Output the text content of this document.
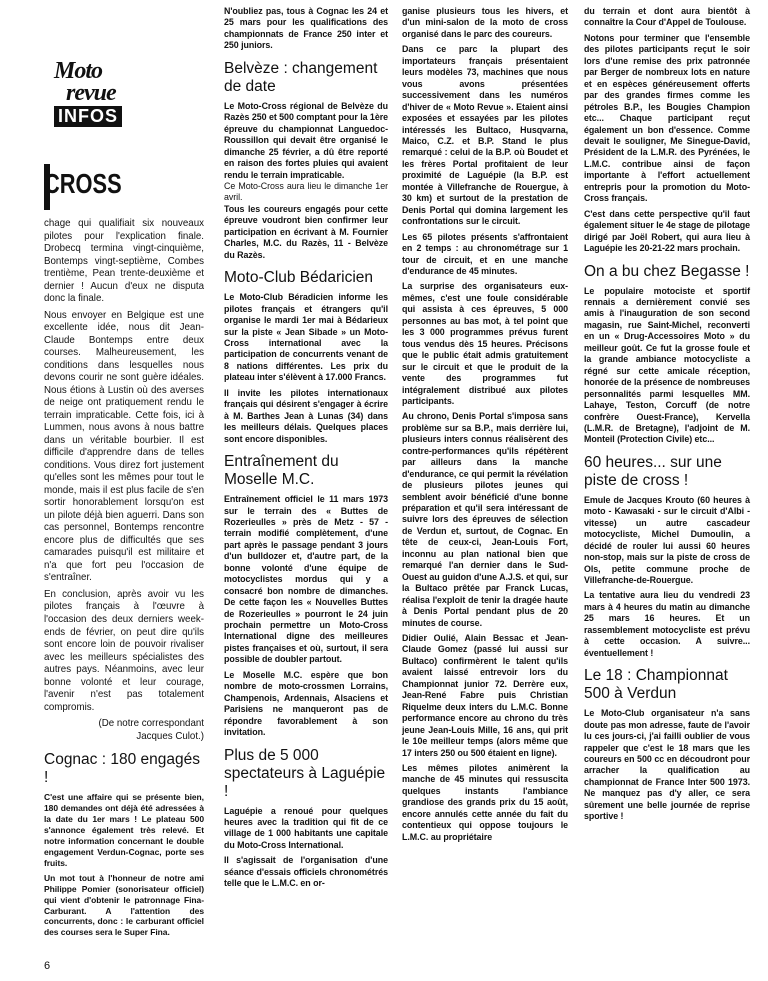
Moto
revue
INFOS

chage qui qualifiait six nouveaux pilotes pour l'explication finale. Drobecq termina vingt-cinquième, Bontemps vingt-septième, Combes trentième, Pean trente-deuxième et dernier ! Aucun d'eux ne disputa donc la finale.

Nous envoyer en Belgique est une excellente idée, nous dit Jean-Claude Bontemps entre deux courses. Malheureusement, les conditions dans lesquelles nous devons courir ne sont guère idéales. Nous étions à Lustin où des averses de neige ont pratiquement rendu le terrain impraticable. Cette fois, ici à Lummen, nous avons à nous battre dans un véritable bourbier. Il est difficile d'apprendre dans de telles conditions. Vous direz fort justement qu'elles sont les mêmes pour tout le monde, mais il est plus facile de s'en sortir honorablement lorsqu'on est un pilote déjà bien aguerri. Dans son cas personnel, Bontemps rencontre encore plus de difficultés que ses camarades puisqu'il est militaire et n'a que fort peu l'occasion de s'entraîner.

En conclusion, après avoir vu les pilotes français à l'œuvre à l'occasion des deux derniers week-ends de février, on peut dire qu'ils sont encore loin de pouvoir rivaliser avec les meilleurs spécialistes des autres pays. Néanmoins, avec leur bonne volonté et leur courage, l'avenir n'est pas totalement compromis.

(De notre correspondant

Jacques Culot.)

Cognac : 180 engagés !

C'est une affaire qui se présente bien, 180 demandes ont déjà été adressées à la date du 1er mars ! Le plateau 500 s'annonce également très relevé. Et notre information concernant le double engagement Verdun-Cognac, porte ses fruits.

Un mot tout à l'honneur de notre ami Philippe Pomier (sonorisateur officiel) qui vient d'obtenir le patronnage Fina-Carburant. A l'attention des concurrents, donc : le carburant officiel des courses sera le Super Fina.

CROSS

N'oubliez pas, tous à Cognac les 24 et 25 mars pour les qualifications des championnats de France 250 inter et 250 juniors.

Belvèze : changement de date

Le Moto-Cross régional de Belvèze du Razès 250 et 500 comptant pour la 1ère épreuve du championnat Languedoc-Roussillon qui devait être organisé le dimanche 25 février, a dû être reporté en raison des fortes pluies qui avaient rendu le terrain impraticable.

Ce Moto-Cross aura lieu le dimanche 1er avril.

Tous les coureurs engagés pour cette épreuve voudront bien confirmer leur participation en écrivant à M. Fournier Charles, M.C. du Razès, 11 - Belvèze du Razès.

Moto-Club Bédaricien

Le Moto-Club Béradicien informe les pilotes français et étrangers qu'il organise le mardi 1er mai à Bédarieux sur la piste « Jean Sibade » un Moto-Cross international avec la participation de concurrents venant de 8 nations différentes. Les prix du plateau inter s'élèvent à 17.000 Francs.

Il invite les pilotes internationaux français qui désirent s'engager à écrire à M. Barthes Jean à Lunas (34) dans les meilleurs délais. Quelques places sont encore disponibles.

Entraînement du Moselle M.C.

Entraînement officiel le 11 mars 1973 sur le terrain des « Buttes de Rozerieulles » près de Metz - 57 - terrain modifié complètement, d'une part après le passage pendant 3 jours d'un bulldozer et, d'autre part, de la bonne volonté d'une équipe de motocyclistes mordus qui y a consacré bon nombre de dimanches. De cette façon les « Nouvelles Buttes de Rozerieulles » pourront le 24 juin prochain permettre un Moto-Cross International digne des meilleures pistes françaises et où, surtout, il sera possible de doubler partout.

Le Moselle M.C. espère que bon nombre de moto-crossmen Lorrains, Champenois, Ardennais, Alsaciens et Parisiens ne manqueront pas de répondre favorablement à son invitation.

Plus de 5 000 spectateurs à Laguépie !

Laguépie a renoué pour quelques heures avec la tradition qui fit de ce village de 1 000 habitants une capitale du Moto-Cross International.

Il s'agissait de l'organisation d'une séance d'essais officiels chronométrés telle que le L.M.C. en or-

ganise plusieurs tous les hivers, et d'un mini-salon de la moto de cross organisé dans le parc des coureurs.

Dans ce parc la plupart des importateurs français présentaient leurs modèles 73, machines que nous vous avons présentées successivement dans les numéros d'hiver de « Moto Revue ». Etaient ainsi exposées et essayées par les pilotes intéressés les Bultaco, Husqvarna, Maico, C.Z. et B.P. Stand le plus remarqué : celui de la B.P. où Boudet et les frères Portal profitaient de leur proximité de Laguépie (la B.P. est montée à Villefranche de Rouergue, à 30 km) et surtout de la prestation de Denis Portal qui domina largement les confrontations sur le circuit.

Les 65 pilotes présents s'affrontaient en 2 temps : au chronométrage sur 1 tour de circuit, et en une manche d'endurance de 45 minutes.

La surprise des organisateurs eux-mêmes, c'est une foule considérable qui assista à ces épreuves, 5 000 personnes au bas mot, à tel point que les 3 000 programmes prévus furent tous vendus dès 15 heures. Précisons que le public était admis gratuitement sur le circuit et que le produit de la vente des programmes fut intégralement distribué aux pilotes participants.

Au chrono, Denis Portal s'imposa sans problème sur sa B.P., mais derrière lui, plusieurs inters connus réalisèrent des contre-performances qu'ils répétèrent par ailleurs dans la manche d'endurance, ce qui permit la révélation de plusieurs pilotes jeunes qui semblent avoir bénéficié d'une bonne préparation et qu'il sera intéressant de suivre lors des épreuves de sélection de Verdun et, surtout, de Cognac. En tête de ceux-ci, Jean-Louis Fort, inconnu au plan national bien que remarqué l'an dernier dans le Sud-Ouest au guidon d'une A.J.S. et qui, sur la Bultaco prêtée par Franck Lucas, réalisa l'exploit de tenir la dragée haute à Denis Portal pendant plus de 20 minutes de course.

Didier Oulié, Alain Bessac et Jean-Claude Gomez (passé lui aussi sur Bultaco) confirmèrent le talent qu'ils avaient laissé entrevoir lors du Championnat junior 72. Derrère eux, Jean-René Fabre puis Christian Riquelme deux inters du L.M.C. Bonne performance encore au chrono du très jeune Jean-Louis Mille, 16 ans, qui prit le 10e meilleur temps (alors même que 17 inters 250 ou 500 étaient en ligne).

Les mêmes pilotes animèrent la manche de 45 minutes qui ressuscita quelques instants l'ambiance grandiose des grands prix du 15 août, encore annulés cette année du fait du contentieux qui oppose toujours le L.M.C. au propriétaire

du terrain et dont aura bientôt à connaître la Cour d'Appel de Toulouse.

Notons pour terminer que l'ensemble des pilotes participants reçut le soir lors d'une remise des prix patronnée par Berger de nombreux lots en nature et en espèces généreusement offerts par des grandes firmes comme les pétroles B.P., les Bougies Champion etc... Chaque participant reçut également un bon d'essence. Comme devait le souligner, Me Sinegue-David, Président de la L.M.R. des Pyrénées, le L.M.C. contribue ainsi de façon importante à l'effort actuellement entrepris pour la promotion du Moto-Cross français.

C'est dans cette perspective qu'il faut également situer le 4e stage de pilotage dirigé par Joël Robert, qui aura lieu à Laguépie les 20-21-22 mars prochain.

On a bu chez Begasse !

Le populaire motociste et sportif rennais a dernièrement convié ses amis à l'inauguration de son second magasin, rue Saint-Michel, reconverti en un « Drug-Accessoires Moto » du meilleur goût. Ce fut la grosse foule et la grande ambiance motocycliste a régné sur cette amicale réception, honorée de la présence de nombreuses personnalités parmi lesquelles MM. Lahaye, Teston, Corcuff (de notre confrère Ouest-France), Kervella (L.M.R. de Bretagne), l'adjoint de M. Monteil (Protection Civile) etc...

60 heures... sur une piste de cross !

Emule de Jacques Krouto (60 heures à moto - Kawasaki - sur le circuit d'Albi - vitesse) un autre cascadeur motocycliste, Michel Dumoulin, a décidé de rouler lui aussi 60 heures non-stop, mais sur la piste de cross de Ols, petite commune proche de Villefranche-de-Rouergue.

La tentative aura lieu du vendredi 23 mars à 4 heures du matin au dimanche 25 mars 16 heures. Et un rassemblement motocycliste est prévu à cette occasion. A suivre... éventuellement !

Le 18 : Championnat 500 à Verdun

Le Moto-Club organisateur n'a sans doute pas mon adresse, faute de l'avoir lu ces jours-ci, j'ai failli oublier de vous rappeler que c'est le 18 mars que les coureurs en 500 cc en découdront pour arracher la qualification au championnat de France Inter 500 1973. Ne manquez pas d'y aller, ce sera sûrement une belle journée de reprise sportive !

6
